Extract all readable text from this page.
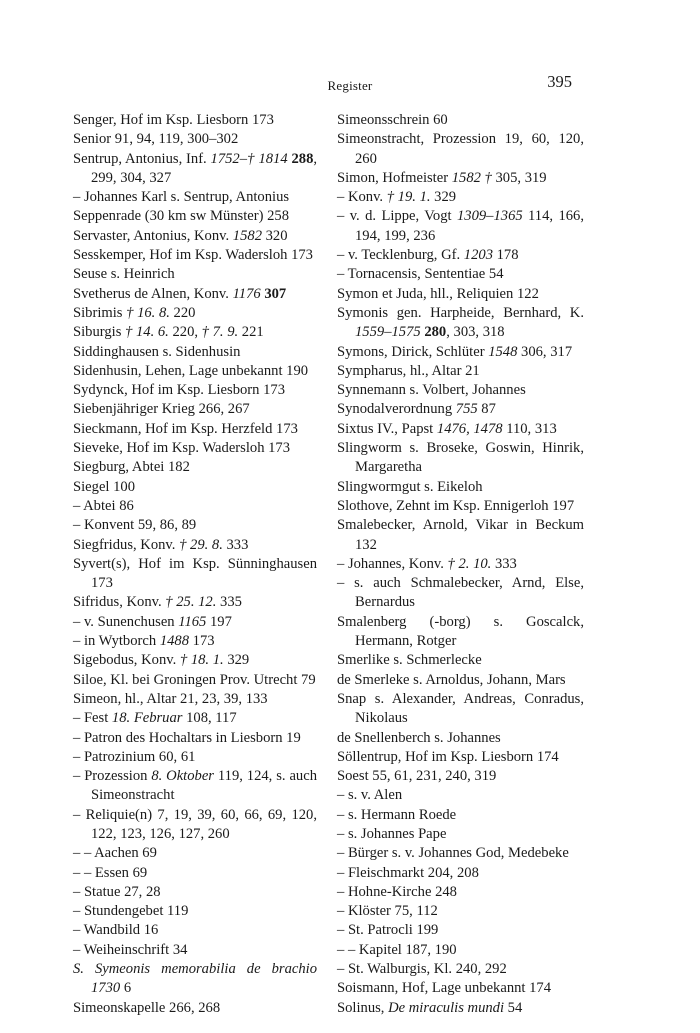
Register	395
Senger, Hof im Ksp. Liesborn 173
Senior 91, 94, 119, 300–302
Sentrup, Antonius, Inf. 1752–† 1814 288, 299, 304, 327
– Johannes Karl s. Sentrup, Antonius
Seppenrade (30 km sw Münster) 258
Servaster, Antonius, Konv. 1582 320
Sesskemper, Hof im Ksp. Wadersloh 173
Seuse s. Heinrich
Svetherus de Alnen, Konv. 1176 307
Sibrimis † 16. 8. 220
Siburgis † 14. 6. 220, † 7. 9. 221
Siddinghausen s. Sidenhusin
Sidenhusin, Lehen, Lage unbekannt 190
Sydynck, Hof im Ksp. Liesborn 173
Siebenjähriger Krieg 266, 267
Sieckmann, Hof im Ksp. Herzfeld 173
Sieveke, Hof im Ksp. Wadersloh 173
Siegburg, Abtei 182
Siegel 100
– Abtei 86
– Konvent 59, 86, 89
Siegfridus, Konv. † 29. 8. 333
Syvert(s), Hof im Ksp. Sünninghausen 173
Sifridus, Konv. † 25. 12. 335
– v. Sunenchusen 1165 197
– in Wytborch 1488 173
Sigebodus, Konv. † 18. 1. 329
Siloe, Kl. bei Groningen Prov. Utrecht 79
Simeon, hl., Altar 21, 23, 39, 133
– Fest 18. Februar 108, 117
– Patron des Hochaltars in Liesborn 19
– Patrozinium 60, 61
– Prozession 8. Oktober 119, 124, s. auch Simeonstracht
– Reliquie(n) 7, 19, 39, 60, 66, 69, 120, 122, 123, 126, 127, 260
– – Aachen 69
– – Essen 69
– Statue 27, 28
– Stundengebet 119
– Wandbild 16
– Weiheinschrift 34
S. Symeonis memorabilia de brachio 1730 6
Simeonskapelle 266, 268
Simeonsschrein 60
Simeonstracht, Prozession 19, 60, 120, 260
Simon, Hofmeister 1582 † 305, 319
– Konv. † 19. 1. 329
– v. d. Lippe, Vogt 1309–1365 114, 166, 194, 199, 236
– v. Tecklenburg, Gf. 1203 178
– Tornacensis, Sententiae 54
Symon et Juda, hll., Reliquien 122
Symonis gen. Harpheide, Bernhard, K. 1559–1575 280, 303, 318
Symons, Dirick, Schlüter 1548 306, 317
Sympharus, hl., Altar 21
Synnemann s. Volbert, Johannes
Synodalverordnung 755 87
Sixtus IV., Papst 1476, 1478 110, 313
Slingworm s. Broseke, Goswin, Hinrik, Margaretha
Slingwormgut s. Eikeloh
Slothove, Zehnt im Ksp. Ennigerloh 197
Smalebecker, Arnold, Vikar in Beckum 132
– Johannes, Konv. † 2. 10. 333
– s. auch Schmalebecker, Arnd, Else, Bernardus
Smalenberg (-borg) s. Goscalck, Hermann, Rotger
Smerlike s. Schmerlecke
de Smerleke s. Arnoldus, Johann, Mars
Snap s. Alexander, Andreas, Conradus, Nikolaus
de Snellenberch s. Johannes
Söllentrup, Hof im Ksp. Liesborn 174
Soest 55, 61, 231, 240, 319
– s. v. Alen
– s. Hermann Roede
– s. Johannes Pape
– Bürger s. v. Johannes God, Medebeke
– Fleischmarkt 204, 208
– Hohne-Kirche 248
– Klöster 75, 112
– St. Patrocli 199
– – Kapitel 187, 190
– St. Walburgis, Kl. 240, 292
Soismann, Hof, Lage unbekannt 174
Solinus, De miraculis mundi 54
